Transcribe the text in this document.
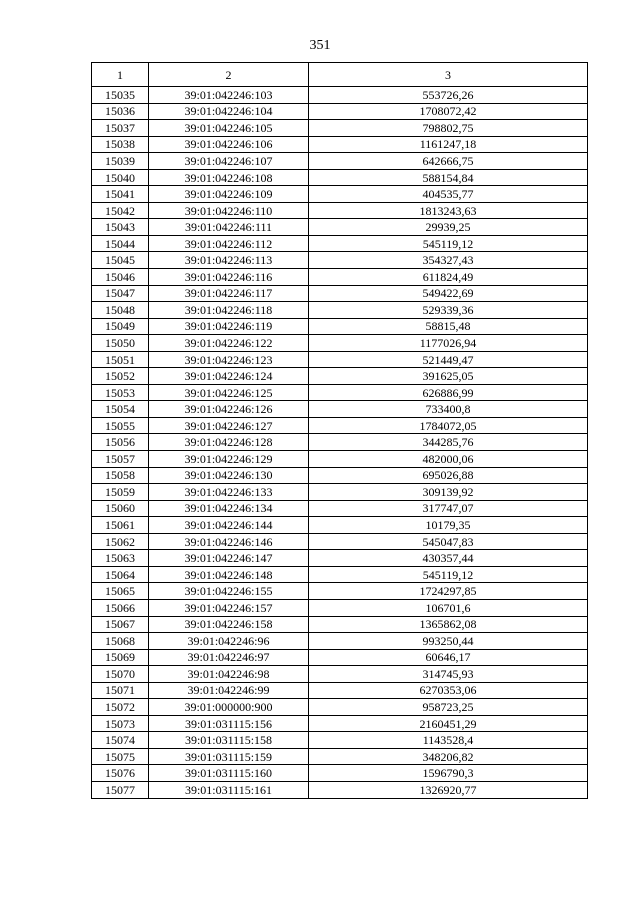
351
1	2	3
15035	39:01:042246:103	553726,26
15036	39:01:042246:104	1708072,42
15037	39:01:042246:105	798802,75
15038	39:01:042246:106	1161247,18
15039	39:01:042246:107	642666,75
15040	39:01:042246:108	588154,84
15041	39:01:042246:109	404535,77
15042	39:01:042246:110	1813243,63
15043	39:01:042246:111	29939,25
15044	39:01:042246:112	545119,12
15045	39:01:042246:113	354327,43
15046	39:01:042246:116	611824,49
15047	39:01:042246:117	549422,69
15048	39:01:042246:118	529339,36
15049	39:01:042246:119	58815,48
15050	39:01:042246:122	1177026,94
15051	39:01:042246:123	521449,47
15052	39:01:042246:124	391625,05
15053	39:01:042246:125	626886,99
15054	39:01:042246:126	733400,8
15055	39:01:042246:127	1784072,05
15056	39:01:042246:128	344285,76
15057	39:01:042246:129	482000,06
15058	39:01:042246:130	695026,88
15059	39:01:042246:133	309139,92
15060	39:01:042246:134	317747,07
15061	39:01:042246:144	10179,35
15062	39:01:042246:146	545047,83
15063	39:01:042246:147	430357,44
15064	39:01:042246:148	545119,12
15065	39:01:042246:155	1724297,85
15066	39:01:042246:157	106701,6
15067	39:01:042246:158	1365862,08
15068	39:01:042246:96	993250,44
15069	39:01:042246:97	60646,17
15070	39:01:042246:98	314745,93
15071	39:01:042246:99	6270353,06
15072	39:01:000000:900	958723,25
15073	39:01:031115:156	2160451,29
15074	39:01:031115:158	1143528,4
15075	39:01:031115:159	348206,82
15076	39:01:031115:160	1596790,3
15077	39:01:031115:161	1326920,77
